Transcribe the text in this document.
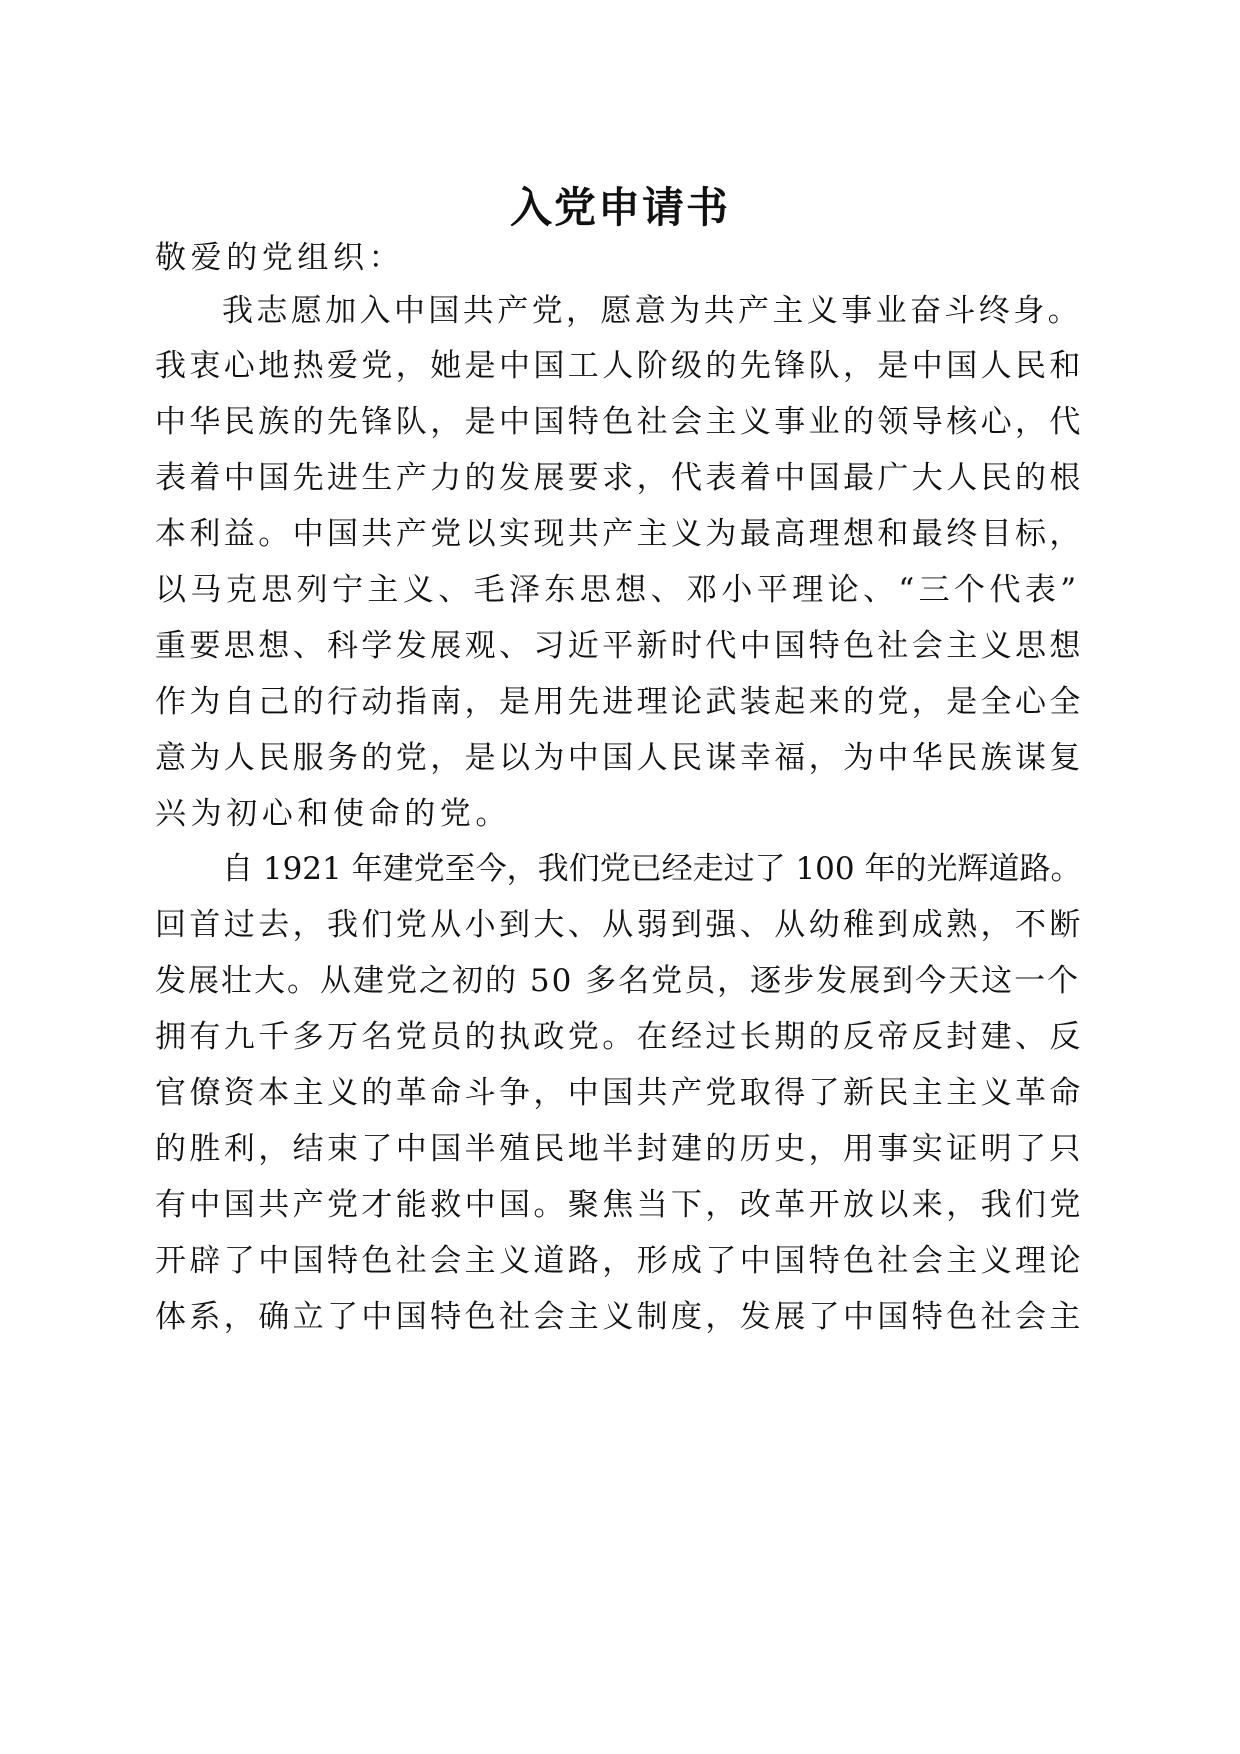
入党申请书
敬爱的党组织：
我志愿加入中国共产党，愿意为共产主义事业奋斗终身。
我衷心地热爱党，她是中国工人阶级的先锋队，是中国人民和
中华民族的先锋队，是中国特色社会主义事业的领导核心，代
表着中国先进生产力的发展要求，代表着中国最广大人民的根
本利益。中国共产党以实现共产主义为最高理想和最终目标，
以马克思列宁主义、毛泽东思想、邓小平理论、“三个代表”
重要思想、科学发展观、习近平新时代中国特色社会主义思想
作为自己的行动指南，是用先进理论武装起来的党，是全心全
意为人民服务的党，是以为中国人民谋幸福，为中华民族谋复
兴为初心和使命的党。
自 1921 年建党至今，我们党已经走过了 100 年的光辉道路。
回首过去，我们党从小到大、从弱到强、从幼稚到成熟，不断
发展壮大。从建党之初的 50 多名党员，逐步发展到今天这一个
拥有九千多万名党员的执政党。在经过长期的反帝反封建、反
官僚资本主义的革命斗争，中国共产党取得了新民主主义革命
的胜利，结束了中国半殖民地半封建的历史，用事实证明了只
有中国共产党才能救中国。聚焦当下，改革开放以来，我们党
开辟了中国特色社会主义道路，形成了中国特色社会主义理论
体系，确立了中国特色社会主义制度，发展了中国特色社会主
